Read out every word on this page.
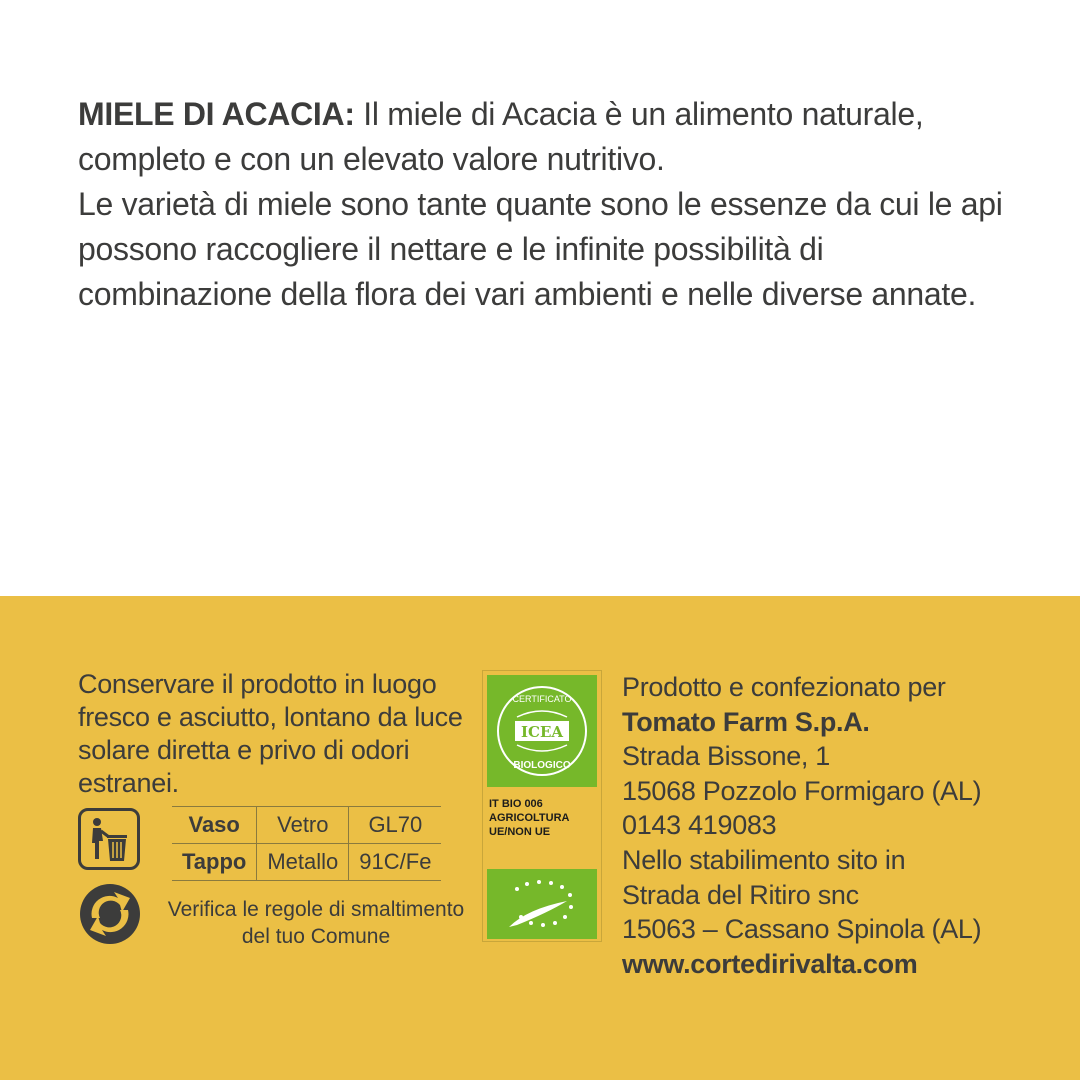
MIELE DI ACACIA: Il miele di Acacia è un alimento naturale,
completo e con un elevato valore nutritivo.

Le varietà di miele sono tante quante sono le essenze da cui le api possono raccogliere il nettare e le infinite possibilità di combinazione della flora dei vari ambienti e nelle diverse annate.

Conservare il prodotto in luogo fresco e asciutto, lontano da luce solare diretta e privo di odori estranei.
Vaso	Vetro	GL70
Tappo	Metallo	91C/Fe
Verifica le regole di smaltimento del tuo Comune
ICEA
CERTIFICATO
BIOLOGICO
IT BIO 006
AGRICOLTURA
UE/NON UE
Prodotto e confezionato per
Tomato Farm S.p.A.
Strada Bissone, 1
15068 Pozzolo Formigaro (AL)
0143 419083
Nello stabilimento sito in
Strada del Ritiro snc
15063 – Cassano Spinola (AL)
www.cortedirivalta.com
